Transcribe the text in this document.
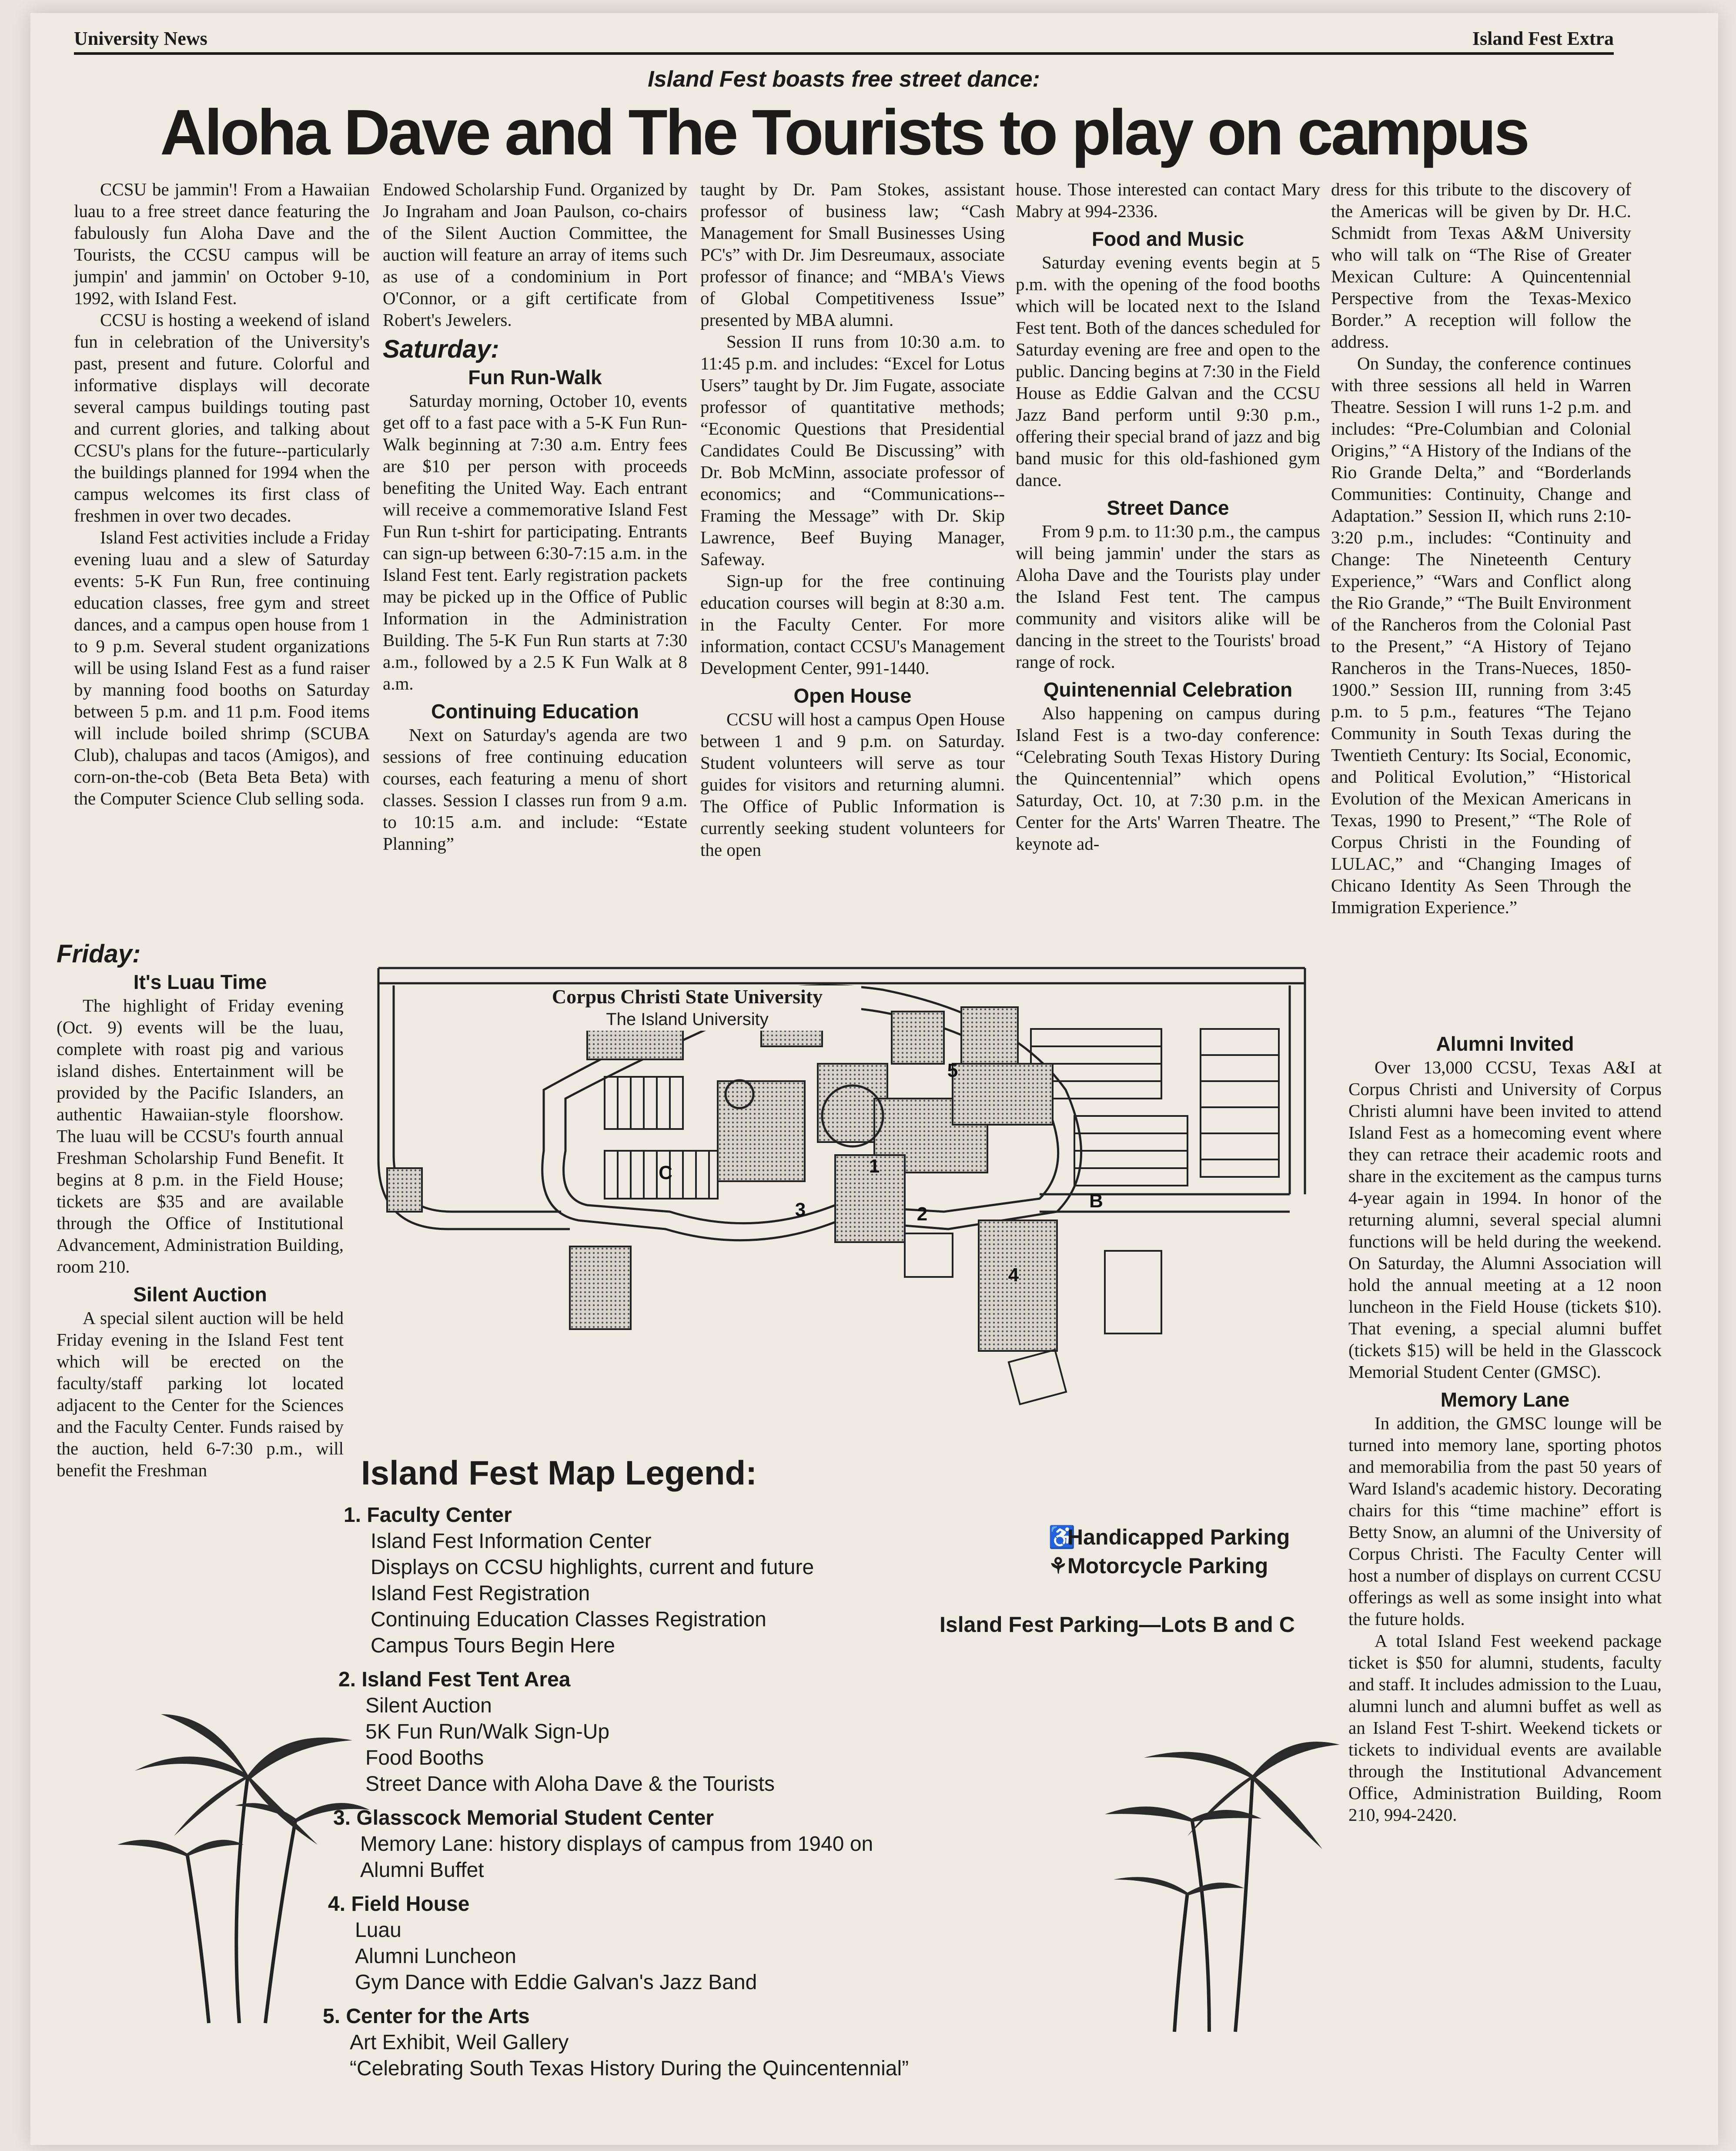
University News	Island Fest Extra
Island Fest boasts free street dance:
Aloha Dave and The Tourists to play on campus

CCSU be jammin'! From a Hawaiian luau to a free street dance featuring the fabulously fun Aloha Dave and the Tourists, the CCSU campus will be jumpin' and jammin' on October 9-10, 1992, with Island Fest.

CCSU is hosting a weekend of island fun in celebration of the University's past, present and future. Colorful and informative displays will decorate several campus buildings touting past and current glories, and talking about CCSU's plans for the future--particularly the buildings planned for 1994 when the campus welcomes its first class of freshmen in over two decades.

Island Fest activities include a Friday evening luau and a slew of Saturday events: 5-K Fun Run, free continuing education classes, free gym and street dances, and a campus open house from 1 to 9 p.m. Several student organizations will be using Island Fest as a fund raiser by manning food booths on Saturday between 5 p.m. and 11 p.m. Food items will include boiled shrimp (SCUBA Club), chalupas and tacos (Amigos), and corn-on-the-cob (Beta Beta Beta) with the Computer Science Club selling soda.

Friday:
It's Luau Time

The highlight of Friday evening (Oct. 9) events will be the luau, complete with roast pig and various island dishes. Entertainment will be provided by the Pacific Islanders, an authentic Hawaiian-style floorshow. The luau will be CCSU's fourth annual Freshman Scholarship Fund Benefit. It begins at 8 p.m. in the Field House; tickets are $35 and are available through the Office of Institutional Advancement, Administration Building, room 210.

Silent Auction

A special silent auction will be held Friday evening in the Island Fest tent which will be erected on the faculty/staff parking lot located adjacent to the Center for the Sciences and the Faculty Center. Funds raised by the auction, held 6-7:30 p.m., will benefit the Freshman

Endowed Scholarship Fund. Organized by Jo Ingraham and Joan Paulson, co-chairs of the Silent Auction Committee, the auction will feature an array of items such as use of a condominium in Port O'Connor, or a gift certificate from Robert's Jewelers.

Saturday:
Fun Run-Walk

Saturday morning, October 10, events get off to a fast pace with a 5-K Fun Run-Walk beginning at 7:30 a.m. Entry fees are $10 per person with proceeds benefiting the United Way. Each entrant will receive a commemorative Island Fest Fun Run t-shirt for participating. Entrants can sign-up between 6:30-7:15 a.m. in the Island Fest tent. Early registration packets may be picked up in the Office of Public Information in the Administration Building. The 5-K Fun Run starts at 7:30 a.m., followed by a 2.5 K Fun Walk at 8 a.m.

Continuing Education

Next on Saturday's agenda are two sessions of free continuing education courses, each featuring a menu of short classes. Session I classes run from 9 a.m. to 10:15 a.m. and include: “Estate Planning”

taught by Dr. Pam Stokes, assistant professor of business law; “Cash Management for Small Businesses Using PC's” with Dr. Jim Desreumaux, associate professor of finance; and “MBA's Views of Global Competitiveness Issue” presented by MBA alumni.

Session II runs from 10:30 a.m. to 11:45 p.m. and includes: “Excel for Lotus Users” taught by Dr. Jim Fugate, associate professor of quantitative methods; “Economic Questions that Presidential Candidates Could Be Discussing” with Dr. Bob McMinn, associate professor of economics; and “Communications--Framing the Message” with Dr. Skip Lawrence, Beef Buying Manager, Safeway.

Sign-up for the free continuing education courses will begin at 8:30 a.m. in the Faculty Center. For more information, contact CCSU's Management Development Center, 991-1440.

Open House

CCSU will host a campus Open House between 1 and 9 p.m. on Saturday. Student volunteers will serve as tour guides for visitors and returning alumni. The Office of Public Information is currently seeking student volunteers for the open

house. Those interested can contact Mary Mabry at 994-2336.

Food and Music

Saturday evening events begin at 5 p.m. with the opening of the food booths which will be located next to the Island Fest tent. Both of the dances scheduled for Saturday evening are free and open to the public. Dancing begins at 7:30 in the Field House as Eddie Galvan and the CCSU Jazz Band perform until 9:30 p.m., offering their special brand of jazz and big band music for this old-fashioned gym dance.

Street Dance

From 9 p.m. to 11:30 p.m., the campus will being jammin' under the stars as Aloha Dave and the Tourists play under the Island Fest tent. The campus community and visitors alike will be dancing in the street to the Tourists' broad range of rock.

Quintenennial Celebration

Also happening on campus during Island Fest is a two-day conference: “Celebrating South Texas History During the Quincentennial” which opens Saturday, Oct. 10, at 7:30 p.m. in the Center for the Arts' Warren Theatre. The keynote ad-

dress for this tribute to the discovery of the Americas will be given by Dr. H.C. Schmidt from Texas A&M University who will talk on “The Rise of Greater Mexican Culture: A Quincentennial Perspective from the Texas-Mexico Border.” A reception will follow the address.

On Sunday, the conference continues with three sessions all held in Warren Theatre. Session I will runs 1-2 p.m. and includes: “Pre-Columbian and Colonial Origins,” “A History of the Indians of the Rio Grande Delta,” and “Borderlands Communities: Continuity, Change and Adaptation.” Session II, which runs 2:10-3:20 p.m., includes: “Continuity and Change: The Nineteenth Century Experience,” “Wars and Conflict along the Rio Grande,” “The Built Environment of the Rancheros from the Colonial Past to the Present,” “A History of Tejano Rancheros in the Trans-Nueces, 1850-1900.” Session III, running from 3:45 p.m. to 5 p.m., features “The Tejano Community in South Texas during the Twentieth Century: Its Social, Economic, and Political Evolution,” “Historical Evolution of the Mexican Americans in Texas, 1990 to Present,” “The Role of Corpus Christi in the Founding of LULAC,” and “Changing Images of Chicano Identity As Seen Through the Immigration Experience.”

Alumni Invited

Over 13,000 CCSU, Texas A&I at Corpus Christi and University of Corpus Christi alumni have been invited to attend Island Fest as a homecoming event where they can retrace their academic roots and share in the excitement as the campus turns 4-year again in 1994. In honor of the returning alumni, several special alumni functions will be held during the weekend. On Saturday, the Alumni Association will hold the annual meeting at a 12 noon luncheon in the Field House (tickets $10). That evening, a special alumni buffet (tickets $15) will be held in the Glasscock Memorial Student Center (GMSC).

Memory Lane

In addition, the GMSC lounge will be turned into memory lane, sporting photos and memorabilia from the past 50 years of Ward Island's academic history. Decorating chairs for this “time machine” effort is Betty Snow, an alumni of the University of Corpus Christi. The Faculty Center will host a number of displays on current CCSU offerings as well as some insight into what the future holds.

A total Island Fest weekend package ticket is $50 for alumni, students, faculty and staff. It includes admission to the Luau, alumni lunch and alumni buffet as well as an Island Fest T-shirt. Weekend tickets or tickets to individual events are available through the Institutional Advancement Office, Administration Building, Room 210, 994-2420.

1
2
3
4
5
B
C
Corpus Christi State University
The Island University
Island Fest Map Legend:
1. Faculty Center
Island Fest Information Center
Displays on CCSU highlights, current and future
Island Fest Registration
Continuing Education Classes Registration
Campus Tours Begin Here
2. Island Fest Tent Area
Silent Auction
5K Fun Run/Walk Sign-Up
Food Booths
Street Dance with Aloha Dave & the Tourists
3. Glasscock Memorial Student Center
Memory Lane: history displays of campus from 1940 on
Alumni Buffet
4. Field House
Luau
Alumni Luncheon
Gym Dance with Eddie Galvan's Jazz Band
5. Center for the Arts
Art Exhibit, Weil Gallery
“Celebrating South Texas History During the Quincentennial”
♿Handicapped Parking
⚘Motorcycle Parking
Island Fest Parking—Lots B and C
